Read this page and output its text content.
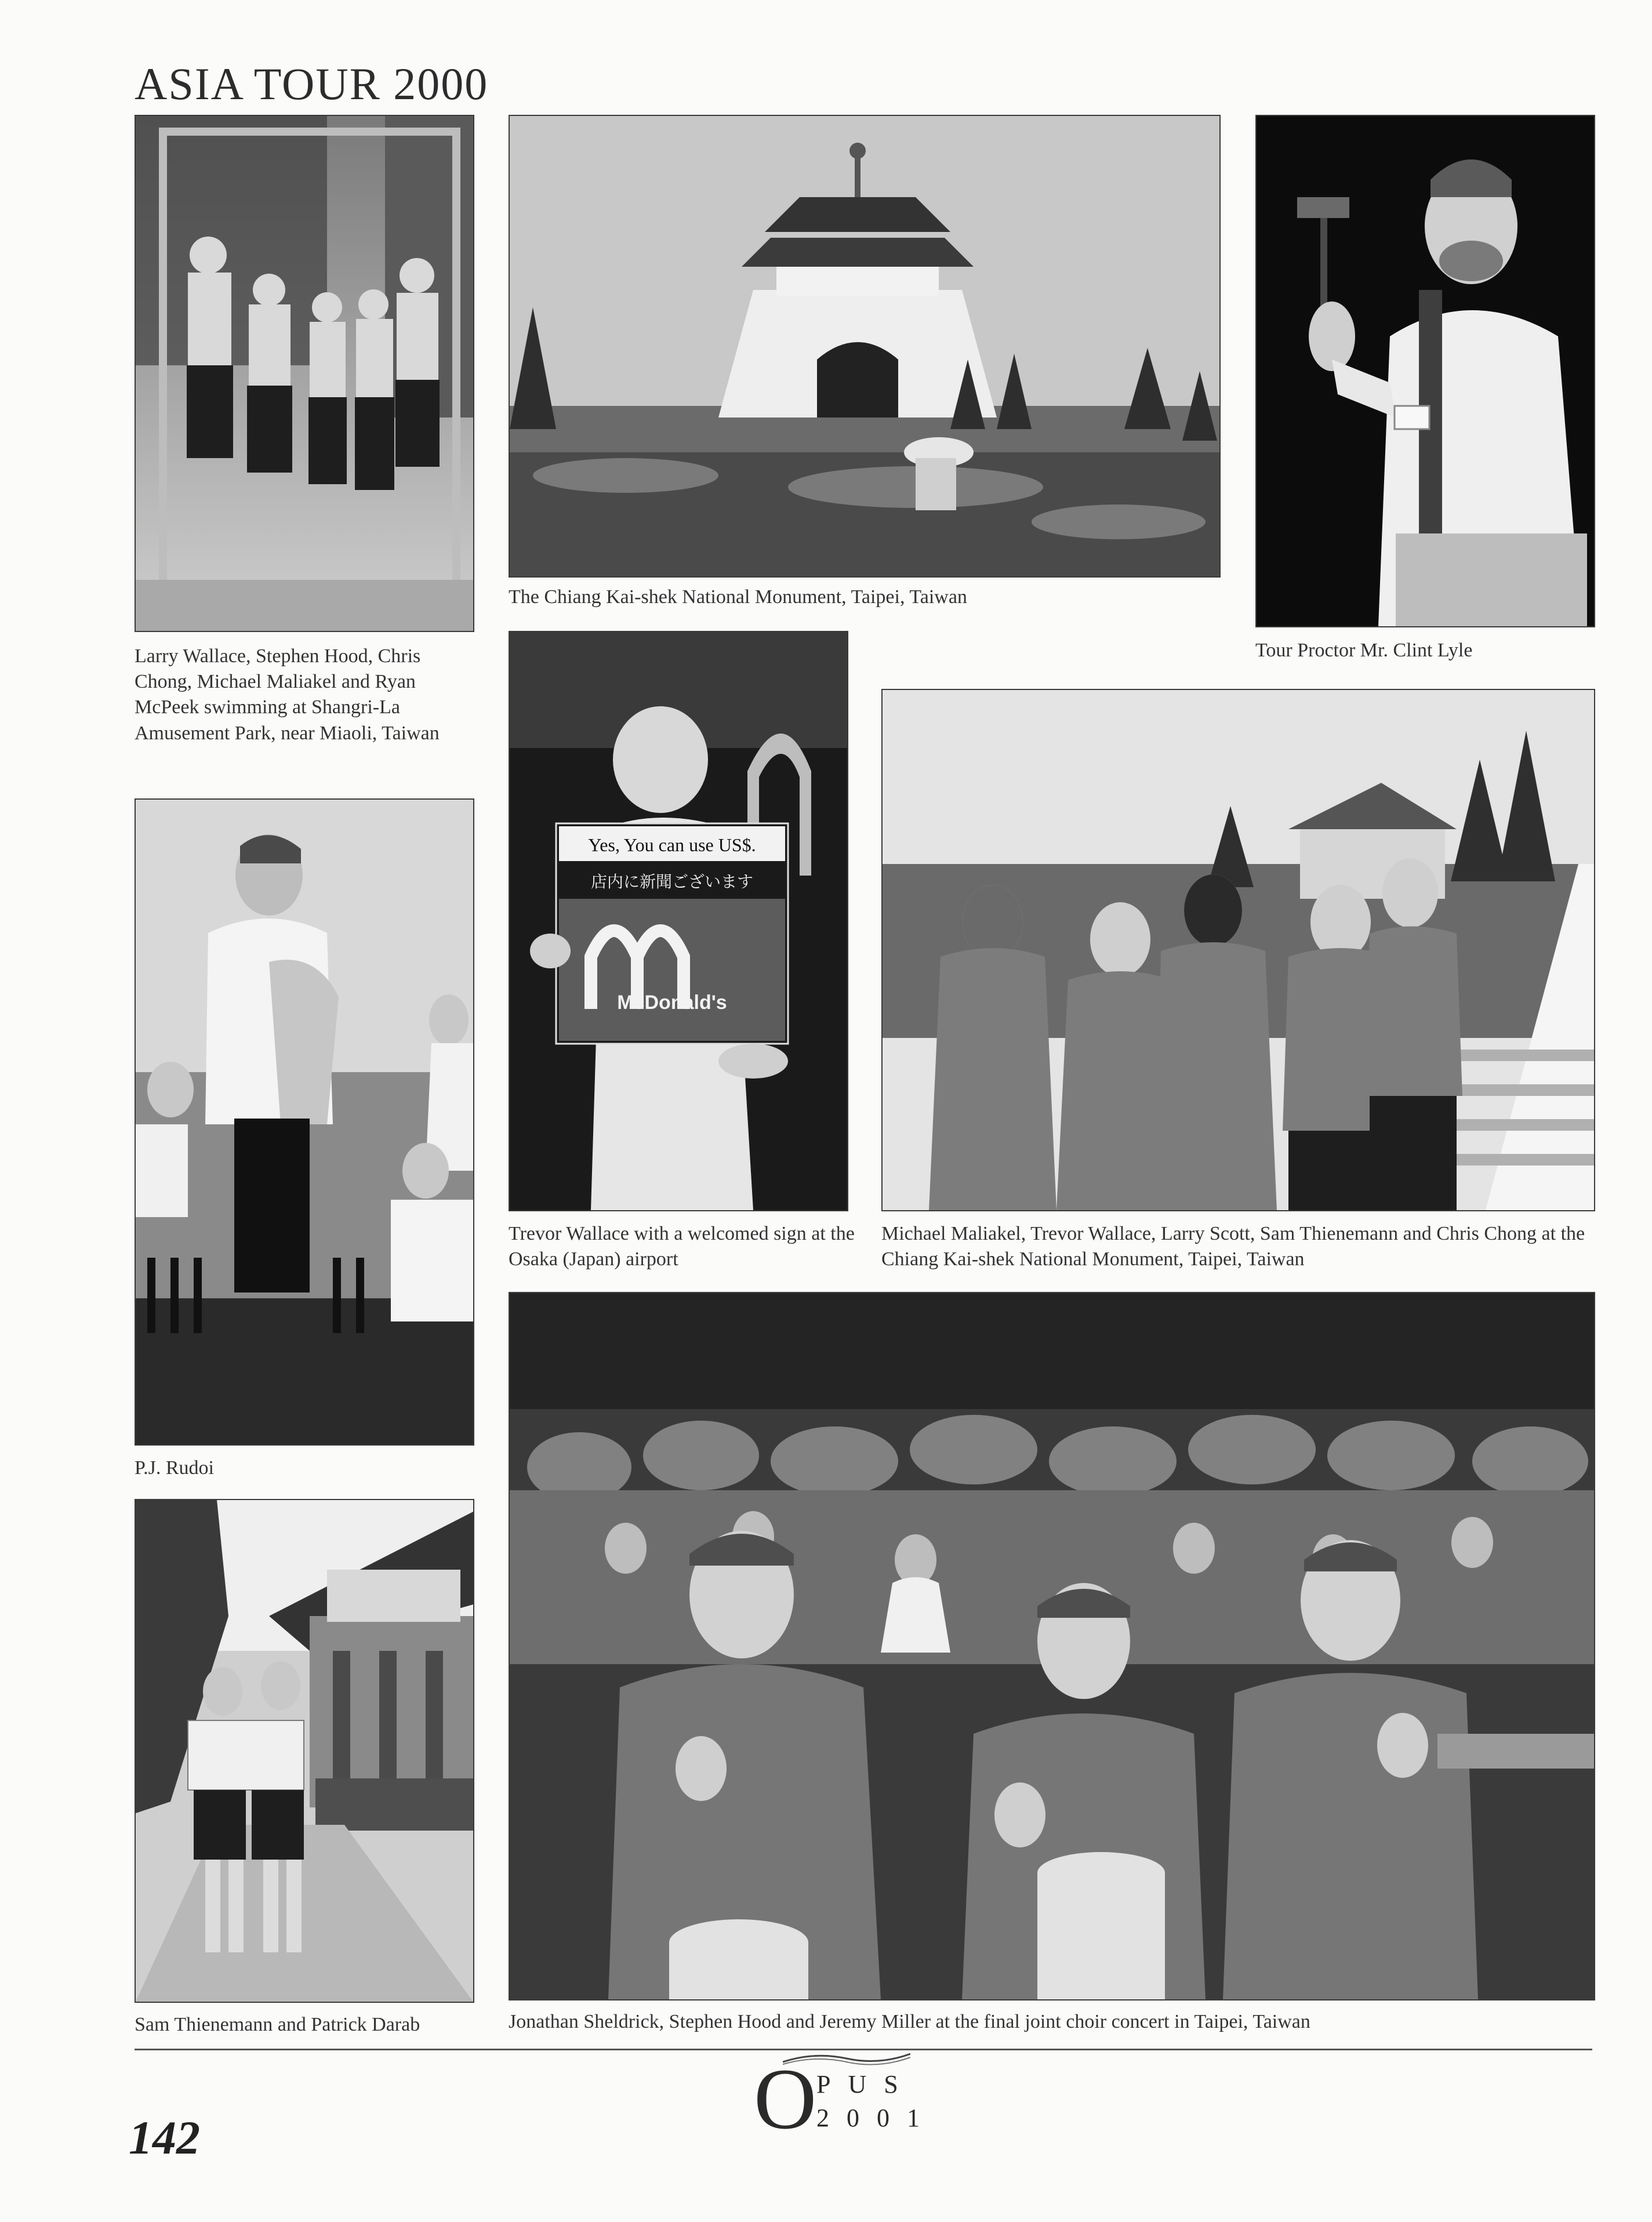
ASIA TOUR 2000
Larry Wallace, Stephen Hood, Chris Chong, Michael Maliakel and Ryan McPeek swimming at Shangri-La Amusement Park, near Miaoli, Taiwan
The Chiang Kai-shek National Monument, Taipei, Taiwan
Tour Proctor Mr. Clint Lyle
P.J. Rudoi
Yes, You can use US$.
店内に新聞ございます
McDonald's
Trevor Wallace with a welcomed sign at the Osaka (Japan) airport
Michael Maliakel, Trevor Wallace, Larry Scott, Sam Thienemann and Chris Chong at the Chiang Kai-shek National Monument, Taipei, Taiwan
Sam Thienemann and Patrick Darab	Jonathan Sheldrick, Stephen Hood and Jeremy Miller at the final joint choir concert in Taipei, Taiwan
O PUS
2001
142
